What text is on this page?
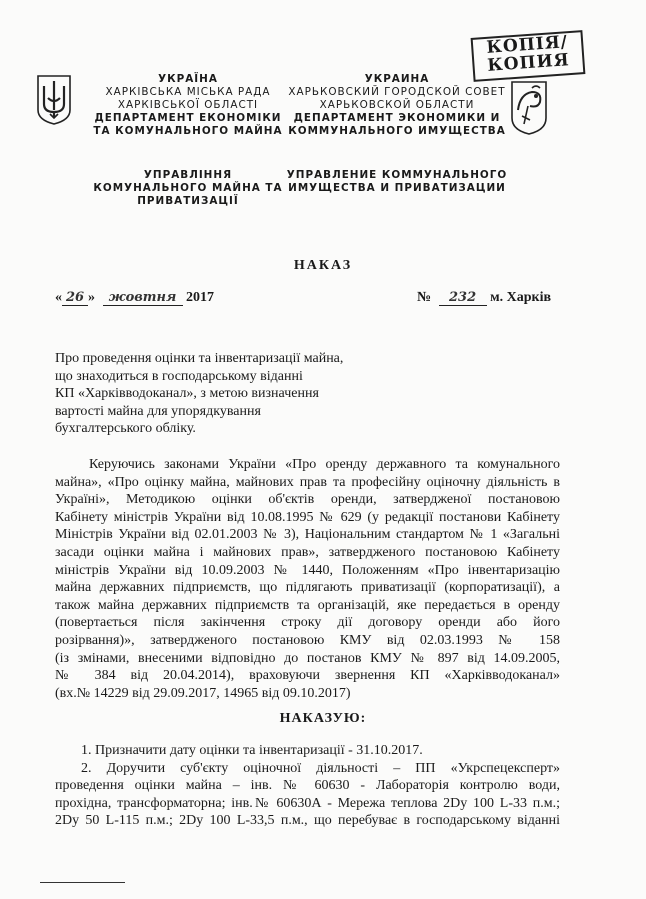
КОПІЯ/
КОПИЯ
УКРАЇНА
ХАРКІВСЬКА МІСЬКА РАДА
ХАРКІВСЬКОЇ ОБЛАСТІ
ДЕПАРТАМЕНТ ЕКОНОМІКИ
ТА КОМУНАЛЬНОГО МАЙНА
УКРАИНА
ХАРЬКОВСКИЙ ГОРОДСКОЙ СОВЕТ
ХАРЬКОВСКОЙ ОБЛАСТИ
ДЕПАРТАМЕНТ ЭКОНОМИКИ И
КОММУНАЛЬНОГО ИМУЩЕСТВА
УПРАВЛІННЯ
КОМУНАЛЬНОГО МАЙНА ТА
ПРИВАТИЗАЦІЇ
УПРАВЛЕНИЕ КОММУНАЛЬНОГО
ИМУЩЕСТВА И ПРИВАТИЗАЦИИ
НАКАЗ
« 26 » жовтня 2017	№ 232 м. Харків

Про проведення оцінки та інвентаризації майна,

що знаходиться в господарському віданні

КП «Харківводоканал», з метою визначення

вартості майна для упорядкування

бухгалтерського обліку.

Керуючись законами України «Про оренду державного та комунального
майна», «Про оцінку майна, майнових прав та професійну оціночну діяльність в
Україні», Методикою оцінки об'єктів оренди, затвердженої постановою
Кабінету міністрів України від 10.08.1995 № 629 (у редакції постанови Кабінету
Міністрів України від 02.01.2003 № 3), Національним стандартом № 1 «Загальні
засади оцінки майна і майнових прав», затвердженого постановою Кабінету
міністрів України від 10.09.2003 № 1440, Положенням «Про інвентаризацію
майна державних підприємств, що підлягають приватизації (корпоратизації), а
також майна державних підприємств та організацій, яке передається в оренду
(повертається після закінчення строку дії договору оренди або його
розірвання)», затвердженого постановою КМУ від 02.03.1993 № 158
(із змінами, внесеними відповідно до постанов КМУ № 897 від 14.09.2005,
№ 384 від 20.04.2014), враховуючи звернення КП «Харківводоканал»
(вх.№ 14229 від 29.09.2017, 14965 від 09.10.2017)
НАКАЗУЮ:
1. Призначити дату оцінки та інвентаризації - 31.10.2017.
2. Доручити суб'єкту оціночної діяльності – ПП «Укрспецексперт»
проведення оцінки майна – інв. № 60630 - Лабораторія контролю води,
прохідна, трансформаторна; інв.№ 60630А - Мережа теплова 2Dy 100 L-33 п.м.;
2Dy 50 L-115 п.м.; 2Dy 100 L-33,5 п.м., що перебуває в господарському віданні
